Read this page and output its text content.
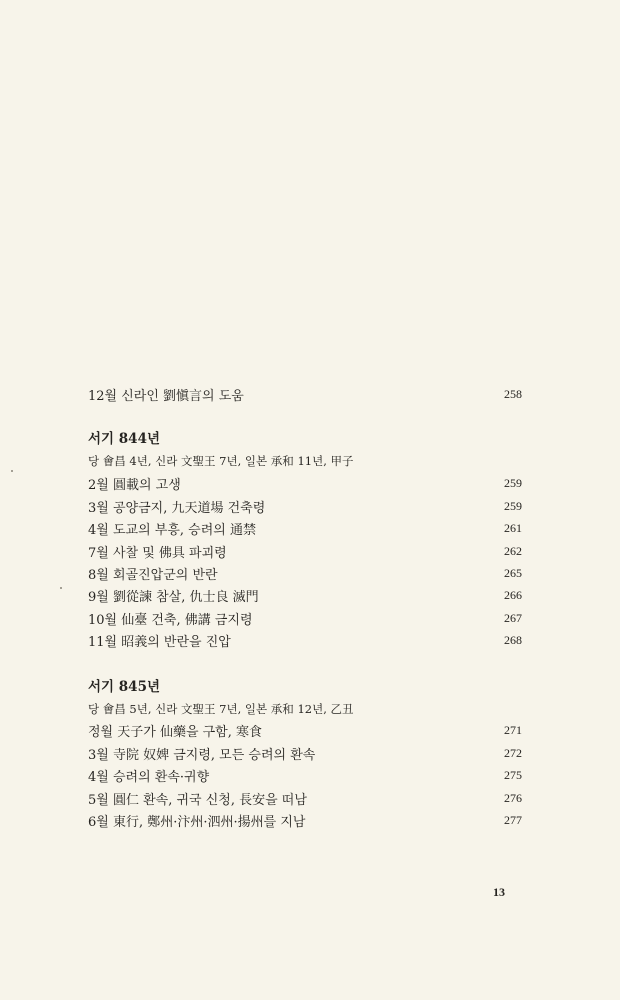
12월 신라인 劉愼言의 도움	258
서기 844년
당 會昌 4년, 신라 文聖王 7년, 일본 承和 11년, 甲子
2월 圓載의 고생	259
3월 공양금지, 九天道場 건축령	259
4월 도교의 부흥, 승려의 通禁	261
7월 사찰 및 佛具 파괴령	262
8월 회골진압군의 반란	265
9월 劉從諫 참살, 仇士良 滅門	266
10월 仙臺 건축, 佛講 금지령	267
11월 昭義의 반란을 진압	268
서기 845년
당 會昌 5년, 신라 文聖王 7년, 일본 承和 12년, 乙丑
정월 天子가 仙藥을 구함, 寒食	271
3월 寺院 奴婢 금지령, 모든 승려의 환속	272
4월 승려의 환속·귀향	275
5월 圓仁 환속, 귀국 신청, 長安을 떠남	276
6월 東行, 鄭州·汴州·泗州·揚州를 지남	277
13
